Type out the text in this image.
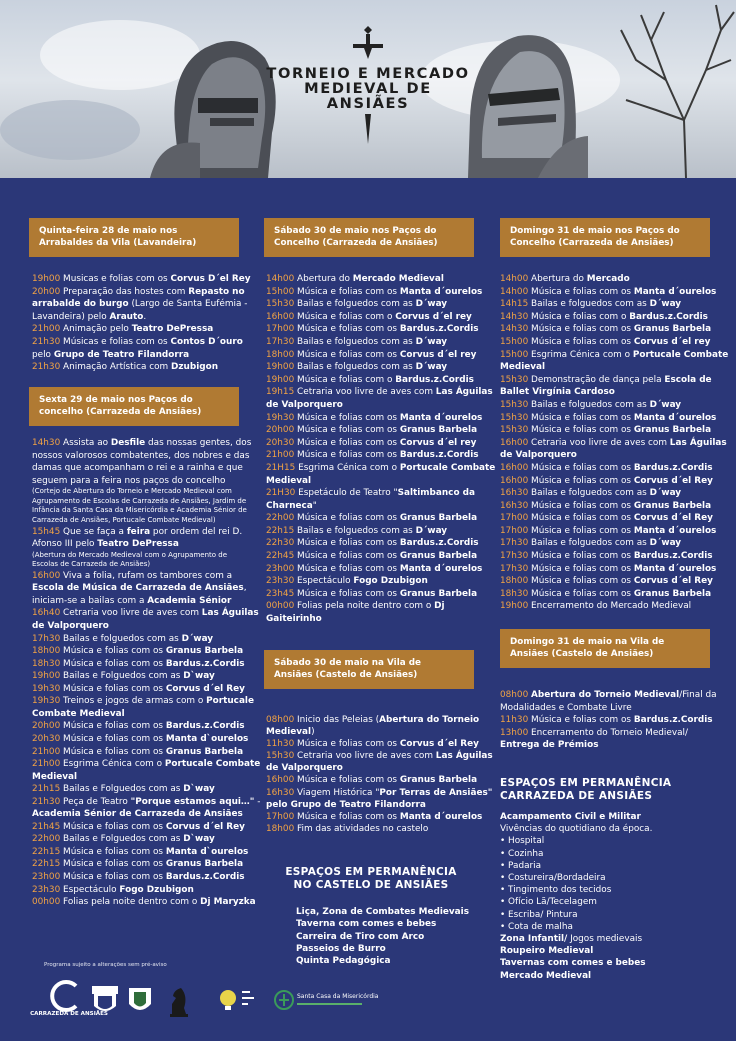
TORNEIO E MERCADO
MEDIEVAL DE
ANSIÃES
Quinta-feira 28 de maio nos
Arrabaldes da Vila (Lavandeira)
19h00 Musicas e folias com os Corvus D´el Rey
20h00 Preparação das hostes com Repasto no
arrabalde do burgo (Largo de Santa Eufémia -
Lavandeira) pelo Arauto.
21h00 Animação pelo Teatro DePressa
21h30 Músicas e folias com os Contos D´ouro
pelo Grupo de Teatro Filandorra
21h30 Animação Artística com Dzubigon
Sexta 29 de maio nos Paços do
concelho (Carrazeda de Ansiães)
14h30 Assista ao Desfile das nossas gentes, dos
nossos valorosos combatentes, dos nobres e das
damas que acompanham o rei e a rainha e que
seguem para a feira nos paços do concelho
(Cortejo de Abertura do Torneio e Mercado Medieval com
Agrupamento de Escolas de Carrazeda de Ansiães, Jardim de
Infância da Santa Casa da Misericórdia e Academia Sénior de
Carrazeda de Ansiães, Portucale Combate Medieval)
15h45 Que se faça a feira por ordem del rei D.
Afonso III pelo Teatro DePressa
(Abertura do Mercado Medieval com o Agrupamento de
Escolas de Carrazeda de Ansiães)
16h00 Viva a folia, rufam os tambores com a
Escola de Música de Carrazeda de Ansiães,
iniciam-se a bailas com a Academia Sénior
16h40 Cetraria voo livre de aves com Las Águilas
de Valporquero
17h30 Bailas e folguedos com as D´way
18h00 Música e folias com os Granus Barbela
18h30 Música e folias com os Bardus.z.Cordis
19h00 Bailas e Folguedos com as D`way
19h30 Música e folias com os Corvus d´el Rey
19h30 Treinos e jogos de armas com o Portucale
Combate Medieval
20h00 Música e folias com os Bardus.z.Cordis
20h30 Música e folias com os Manta d`ourelos
21h00 Música e folias com os Granus Barbela
21h00 Esgrima Cénica com o Portucale Combate
Medieval
21h15 Bailas e Folguedos com as D`way
21h30 Peça de Teatro "Porque estamos aqui…" -
Academia Sénior de Carrazeda de Ansiães
21h45 Música e folias com os Corvus d´el Rey
22h00 Bailas e Folguedos com as D`way
22h15 Música e folias com os Manta d`ourelos
22h15 Música e folias com os Granus Barbela
23h00 Música e folias com os Bardus.z.Cordis
23h30 Espectáculo Fogo Dzubigon
00h00 Folias pela noite dentro com o Dj Maryzka
Sábado 30 de maio nos Paços do
Concelho (Carrazeda de Ansiães)
14h00 Abertura do Mercado Medieval
15h00 Música e folias com os Manta d´ourelos
15h30 Bailas e folguedos com as D´way
16h00 Música e folias com o Corvus d´el rey
17h00 Música e folias com os Bardus.z.Cordis
17h30 Bailas e folguedos com as D´way
18h00 Música e folias com os Corvus d´el rey
19h00 Bailas e folguedos com as D´way
19h00 Música e folias com o Bardus.z.Cordis
19h15 Cetraria voo livre de aves com Las Águilas
de Valporquero
19h30 Música e folias com os Manta d´ourelos
20h00 Música e folias com os Granus Barbela
20h30 Música e folias com os Corvus d´el rey
21h00 Música e folias com os Bardus.z.Cordis
21H15 Esgrima Cénica com o Portucale Combate
Medieval
21H30 Espetáculo de Teatro "Saltimbanco da
Charneca"
22h00 Música e folias com os Granus Barbela
22h15 Bailas e folguedos com as D´way
22h30 Música e folias com os Bardus.z.Cordis
22h45 Música e folias com os Granus Barbela
23h00 Música e folias com os Manta d´ourelos
23h30 Espectáculo Fogo Dzubigon
23h45 Música e folias com os Granus Barbela
00h00 Folias pela noite dentro com o Dj
Gaiteirinho
Sábado 30 de maio na Vila de
Ansiães (Castelo de Ansiães)
08h00 Inicio das Peleias (Abertura do Torneio
Medieval)
11h30 Música e folias com os Corvus d´el Rey
15h30 Cetraria voo livre de aves com Las Águilas
de Valporquero
16h00 Música e folias com os Granus Barbela
16h30 Viagem Histórica "Por Terras de Ansiães"
pelo Grupo de Teatro Filandorra
17h00 Música e folias com os Manta d´ourelos
18h00 Fim das atividades no castelo
ESPAÇOS EM PERMANÊNCIA
NO CASTELO DE ANSIÃES
Liça, Zona de Combates Medievais
Taverna com comes e bebes
Carreira de Tiro com Arco
Passeios de Burro
Quinta Pedagógica
Domingo 31 de maio nos Paços do
Concelho (Carrazeda de Ansiães)
14h00 Abertura do Mercado
14h00 Música e folias com os Manta d´ourelos
14h15 Bailas e folguedos com as D´way
14h30 Música e folias com o Bardus.z.Cordis
14h30 Música e folias com os Granus Barbela
15h00 Música e folias com os Corvus d´el rey
15h00 Esgrima Cénica com o Portucale Combate
Medieval
15h30 Demonstração de dança pela Escola de
Ballet Virgínia Cardoso
15h30 Bailas e folguedos com as D´way
15h30 Música e folias com os Manta d´ourelos
15h30 Música e folias com os Granus Barbela
16h00 Cetraria voo livre de aves com Las Águilas
de Valporquero
16h00 Música e folias com os Bardus.z.Cordis
16h00 Música e folias com os Corvus d´el Rey
16h30 Bailas e folguedos com as D´way
16h30 Música e folias com os Granus Barbela
17h00 Música e folias com os Corvus d´el Rey
17h00 Música e folias com os Manta d´ourelos
17h30 Bailas e folguedos com as D´way
17h30 Música e folias com os Bardus.z.Cordis
17h30 Música e folias com os Manta d´ourelos
18h00 Música e folias com os Corvus d´el Rey
18h30 Música e folias com os Granus Barbela
19h00 Encerramento do Mercado Medieval
Domingo 31 de maio na Vila de
Ansiães (Castelo de Ansiães)
08h00 Abertura do Torneio Medieval/Final da
Modalidades e Combate Livre
11h30 Música e folias com os Bardus.z.Cordis
13h00 Encerramento do Torneio Medieval/
Entrega de Prémios
ESPAÇOS EM PERMANÊNCIA
CARRAZEDA DE ANSIÃES
Acampamento Civil e Militar
Vivências do quotidiano da época.
• Hospital
• Cozinha
• Padaria
• Costureira/Bordadeira
• Tingimento dos tecidos
• Ofício Lã/Tecelagem
• Escriba/ Pintura
• Cota de malha
Zona Infantil/ Jogos medievais
Roupeiro Medieval
Tavernas com comes e bebes
Mercado Medieval
Programa sujeito a alterações sem pré-aviso
CARRAZEDA DE ANSIÃES
Santa Casa da Misericórdia
